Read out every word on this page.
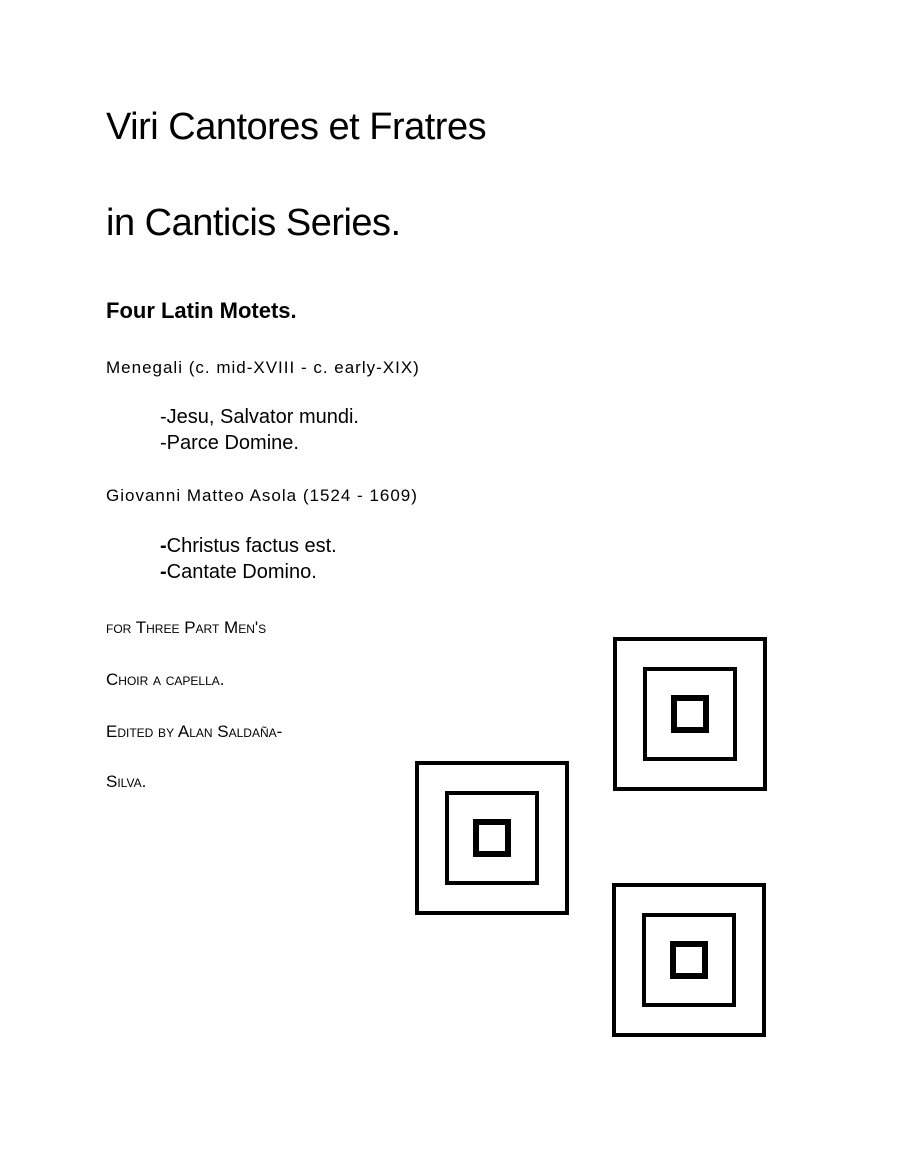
Viri Cantores et Fratres
in Canticis Series.
Four Latin Motets.
Menegali (c. mid-XVIII - c. early-XIX)
-Jesu, Salvator mundi.
-Parce Domine.
Giovanni Matteo Asola (1524 - 1609)
-Christus factus est.
-Cantate Domino.
for Three Part Men's
Choir a capella.
Edited by Alan Saldaña-
Silva.
